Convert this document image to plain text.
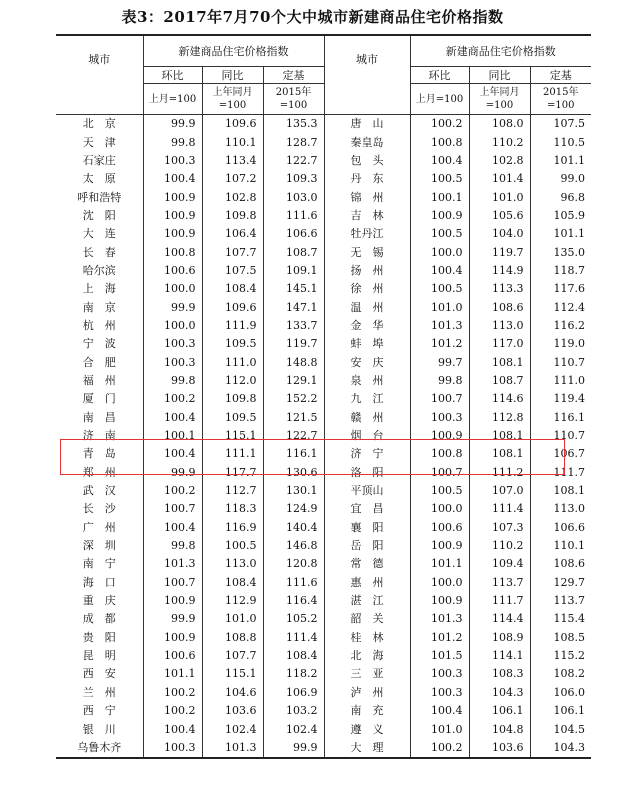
表3：2017年7月70个大中城市新建商品住宅价格指数
城市	新建商品住宅价格指数			城市	新建商品住宅价格指数		
	环比	同比	定基		环比	同比	定基
	上月=100	上年同月=100	2015年=100		上月=100	上年同月=100	2015年=100
北　京	99.9	109.6	135.3	唐　山	100.2	108.0	107.5
天　津	99.8	110.1	128.7	秦皇岛	100.8	110.2	110.5
石家庄	100.3	113.4	122.7	包　头	100.4	102.8	101.1
太　原	100.4	107.2	109.3	丹　东	100.5	101.4	99.0
呼和浩特	100.9	102.8	103.0	锦　州	100.1	101.0	96.8
沈　阳	100.9	109.8	111.6	吉　林	100.9	105.6	105.9
大　连	100.9	106.4	106.6	牡丹江	100.5	104.0	101.1
长　春	100.8	107.7	108.7	无　锡	100.0	119.7	135.0
哈尔滨	100.6	107.5	109.1	扬　州	100.4	114.9	118.7
上　海	100.0	108.4	145.1	徐　州	100.5	113.3	117.6
南　京	99.9	109.6	147.1	温　州	101.0	108.6	112.4
杭　州	100.0	111.9	133.7	金　华	101.3	113.0	116.2
宁　波	100.3	109.5	119.7	蚌　埠	101.2	117.0	119.0
合　肥	100.3	111.0	148.8	安　庆	99.7	108.1	110.7
福　州	99.8	112.0	129.1	泉　州	99.8	108.7	111.0
厦　门	100.2	109.8	152.2	九　江	100.7	114.6	119.4
南　昌	100.4	109.5	121.5	赣　州	100.3	112.8	116.1
济　南	100.1	115.1	122.7	烟　台	100.9	108.1	110.7
青　岛	100.4	111.1	116.1	济　宁	100.8	108.1	106.7
郑　州	99.9	117.7	130.6	洛　阳	100.7	111.2	111.7
武　汉	100.2	112.7	130.1	平顶山	100.5	107.0	108.1
长　沙	100.7	118.3	124.9	宜　昌	100.0	111.4	113.0
广　州	100.4	116.9	140.4	襄　阳	100.6	107.3	106.6
深　圳	99.8	100.5	146.8	岳　阳	100.9	110.2	110.1
南　宁	101.3	113.0	120.8	常　德	101.1	109.4	108.6
海　口	100.7	108.4	111.6	惠　州	100.0	113.7	129.7
重　庆	100.9	112.9	116.4	湛　江	100.9	111.7	113.7
成　都	99.9	101.0	105.2	韶　关	101.3	114.4	115.4
贵　阳	100.9	108.8	111.4	桂　林	101.2	108.9	108.5
昆　明	100.6	107.7	108.4	北　海	101.5	114.1	115.2
西　安	101.1	115.1	118.2	三　亚	100.3	108.3	108.2
兰　州	100.2	104.6	106.9	泸　州	100.3	104.3	106.0
西　宁	100.2	103.6	103.2	南　充	100.4	106.1	106.1
银　川	100.4	102.4	102.4	遵　义	101.0	104.8	104.5
乌鲁木齐	100.3	101.3	99.9	大　理	100.2	103.6	104.3
